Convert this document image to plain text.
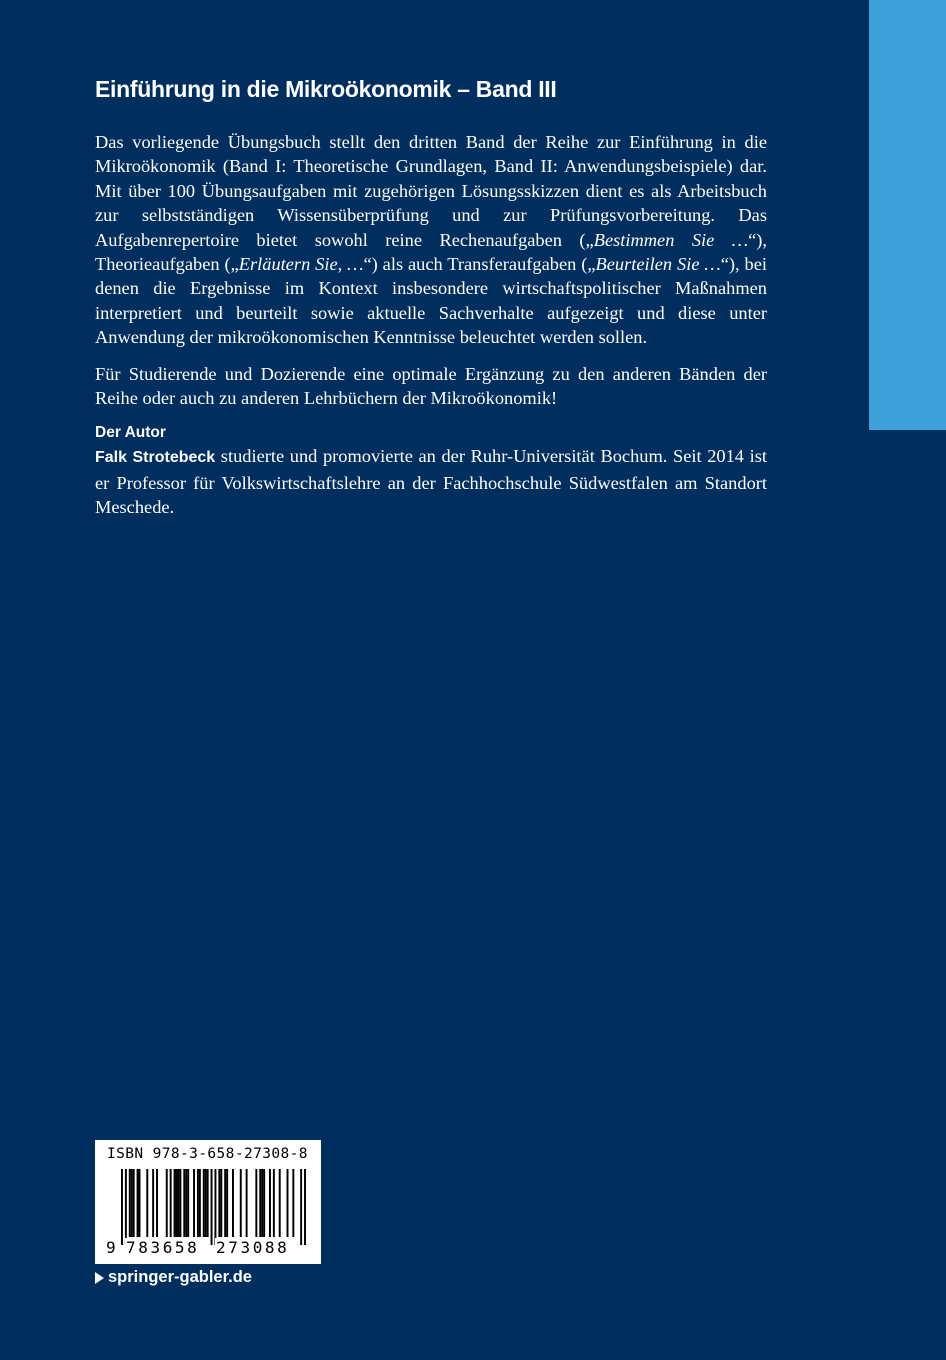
Einführung in die Mikroökonomik – Band III

Das vorliegende Übungsbuch stellt den dritten Band der Reihe zur Einführung in die Mikroökonomik (Band I: Theoretische Grundlagen, Band II: Anwendungsbeispiele) dar. Mit über 100 Übungsaufgaben mit zugehörigen Lösungsskizzen dient es als Arbeitsbuch zur selbstständigen Wissensüberprüfung und zur Prüfungsvorbereitung. Das Aufgabenrepertoire bietet sowohl reine Rechenaufgaben („Bestimmen Sie …“), Theorieaufgaben („Erläutern Sie, …“) als auch Transferaufgaben („Beurteilen Sie …“), bei denen die Ergebnisse im Kontext insbesondere wirtschaftspolitischer Maßnahmen interpretiert und beurteilt sowie aktuelle Sachverhalte aufgezeigt und diese unter Anwendung der mikroökonomischen Kenntnisse beleuchtet werden sollen.

Für Studierende und Dozierende eine optimale Ergänzung zu den anderen Bänden der Reihe oder auch zu anderen Lehrbüchern der Mikroökonomik!

Der Autor

Falk Strotebeck studierte und promovierte an der Ruhr-Universität Bochum. Seit 2014 ist er Professor für Volkswirtschaftslehre an der Fachhochschule Südwestfalen am Standort Meschede.

ISBN 978-3-658-27308-8
9 783658 273088
springer-gabler.de
